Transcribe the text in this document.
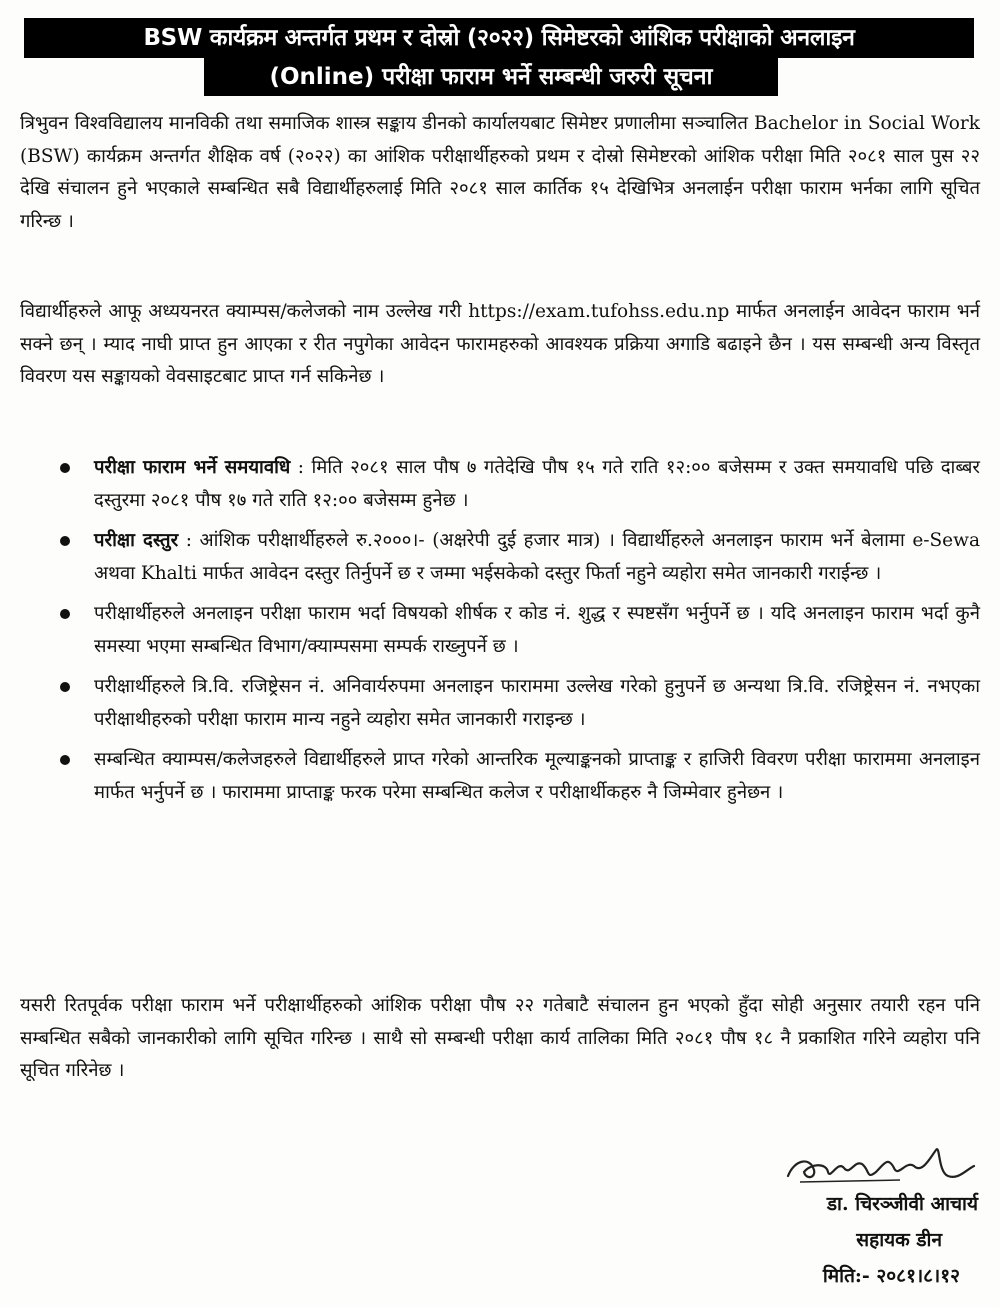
BSW कार्यक्रम अन्तर्गत प्रथम र दोस्रो (२०२२) सिमेष्टरको आंशिक परीक्षाको अनलाइन
(Online) परीक्षा फाराम भर्ने सम्बन्धी जरुरी सूचना

त्रिभुवन विश्वविद्यालय मानविकी तथा समाजिक शास्त्र सङ्काय डीनको कार्यालयबाट सिमेष्टर प्रणालीमा सञ्चालित Bachelor in Social Work (BSW) कार्यक्रम अन्तर्गत शैक्षिक वर्ष (२०२२) का आंशिक परीक्षार्थीहरुको प्रथम र दोस्रो सिमेष्टरको आंशिक परीक्षा मिति २०८१ साल पुस २२ देखि संचालन हुने भएकाले सम्बन्धित सबै विद्यार्थीहरुलाई मिति २०८१ साल कार्तिक १५ देखिभित्र अनलाईन परीक्षा फाराम भर्नका लागि सूचित गरिन्छ ।

विद्यार्थीहरुले आफू अध्ययनरत क्याम्पस/कलेजको नाम उल्लेख गरी https://exam.tufohss.edu.np मार्फत अनलाईन आवेदन फाराम भर्न सक्ने छन् । म्याद नाघी प्राप्त हुन आएका र रीत नपुगेका आवेदन फारामहरुको आवश्यक प्रक्रिया अगाडि बढाइने छैन । यस सम्बन्धी अन्य विस्तृत विवरण यस सङ्कायको वेवसाइटबाट प्राप्त गर्न सकिनेछ ।

परीक्षा फाराम भर्ने समयावधि : मिति २०८१ साल पौष ७ गतेदेखि पौष १५ गते राति १२:०० बजेसम्म र उक्त समयावधि पछि दाब्बर दस्तुरमा २०८१ पौष १७ गते राति १२:०० बजेसम्म हुनेछ ।
परीक्षा दस्तुर : आंशिक परीक्षार्थीहरुले रु.२०००।- (अक्षरेपी दुई हजार मात्र) । विद्यार्थीहरुले अनलाइन फाराम भर्ने बेलामा e-Sewa अथवा Khalti मार्फत आवेदन दस्तुर तिर्नुपर्ने छ र जम्मा भईसकेको दस्तुर फिर्ता नहुने व्यहोरा समेत जानकारी गराईन्छ ।
परीक्षार्थीहरुले अनलाइन परीक्षा फाराम भर्दा विषयको शीर्षक र कोड नं. शुद्ध र स्पष्टसँग भर्नुपर्ने छ । यदि अनलाइन फाराम भर्दा कुनै समस्या भएमा सम्बन्धित विभाग/क्याम्पसमा सम्पर्क राख्नुपर्ने छ ।
परीक्षार्थीहरुले त्रि.वि. रजिष्ट्रेसन नं. अनिवार्यरुपमा अनलाइन फाराममा उल्लेख गरेको हुनुपर्ने छ अन्यथा त्रि.वि. रजिष्ट्रेसन नं. नभएका परीक्षाथीहरुको परीक्षा फाराम मान्य नहुने व्यहोरा समेत जानकारी गराइन्छ ।
सम्बन्धित क्याम्पस/कलेजहरुले विद्यार्थीहरुले प्राप्त गरेको आन्तरिक मूल्याङ्कनको प्राप्ताङ्क र हाजिरी विवरण परीक्षा फाराममा अनलाइन मार्फत भर्नुपर्ने छ । फाराममा प्राप्ताङ्क फरक परेमा सम्बन्धित कलेज र परीक्षार्थीकहरु नै जिम्मेवार हुनेछन ।

यसरी रितपूर्वक परीक्षा फाराम भर्ने परीक्षार्थीहरुको आंशिक परीक्षा पौष २२ गतेबाटै संचालन हुन भएको हुँदा सोही अनुसार तयारी रहन पनि सम्बन्धित सबैको जानकारीको लागि सूचित गरिन्छ । साथै सो सम्बन्धी परीक्षा कार्य तालिका मिति २०८१ पौष १८ नै प्रकाशित गरिने व्यहोरा पनि सूचित गरिनेछ ।

डा. चिरञ्जीवी आचार्य
सहायक डीन
मिति:- २०८१।८।१२
